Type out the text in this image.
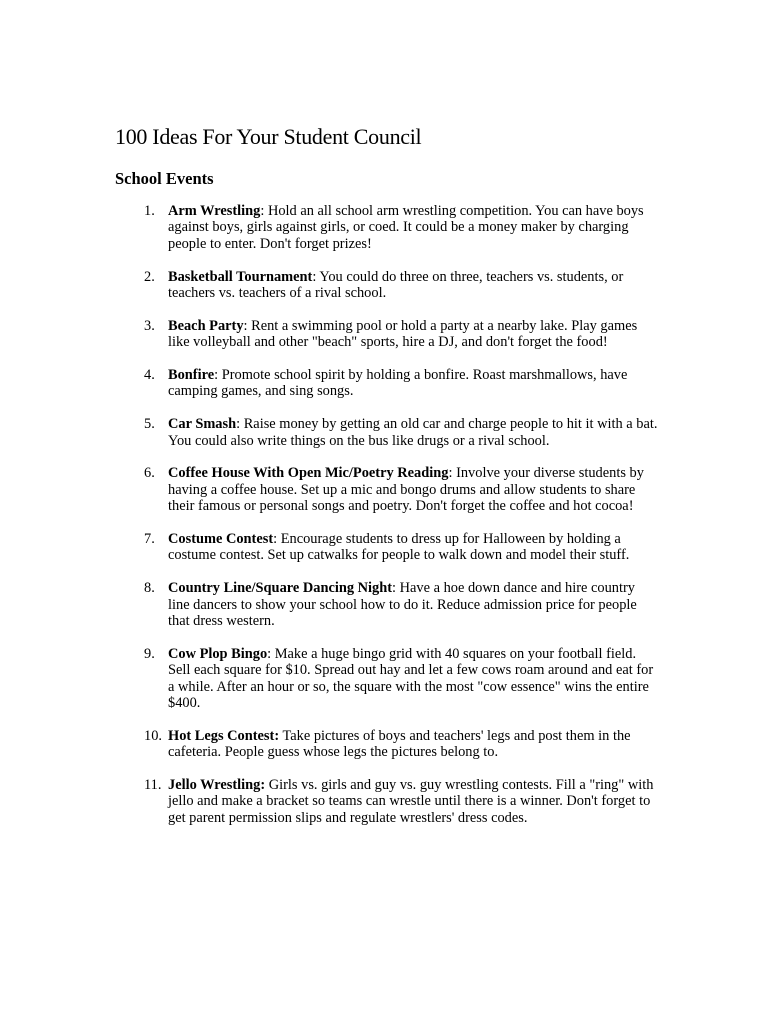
100 Ideas For Your Student Council
School Events
1. Arm Wrestling: Hold an all school arm wrestling competition. You can have boys against boys, girls against girls, or coed. It could be a money maker by charging people to enter. Don't forget prizes!
2. Basketball Tournament: You could do three on three, teachers vs. students, or teachers vs. teachers of a rival school.
3. Beach Party: Rent a swimming pool or hold a party at a nearby lake. Play games like volleyball and other "beach" sports, hire a DJ, and don't forget the food!
4. Bonfire: Promote school spirit by holding a bonfire. Roast marshmallows, have camping games, and sing songs.
5. Car Smash: Raise money by getting an old car and charge people to hit it with a bat. You could also write things on the bus like drugs or a rival school.
6. Coffee House With Open Mic/Poetry Reading: Involve your diverse students by having a coffee house. Set up a mic and bongo drums and allow students to share their famous or personal songs and poetry. Don't forget the coffee and hot cocoa!
7. Costume Contest: Encourage students to dress up for Halloween by holding a costume contest. Set up catwalks for people to walk down and model their stuff.
8. Country Line/Square Dancing Night: Have a hoe down dance and hire country line dancers to show your school how to do it. Reduce admission price for people that dress western.
9. Cow Plop Bingo: Make a huge bingo grid with 40 squares on your football field. Sell each square for $10. Spread out hay and let a few cows roam around and eat for a while. After an hour or so, the square with the most "cow essence" wins the entire $400.
10. Hot Legs Contest: Take pictures of boys and teachers' legs and post them in the cafeteria. People guess whose legs the pictures belong to.
11. Jello Wrestling: Girls vs. girls and guy vs. guy wrestling contests. Fill a "ring" with jello and make a bracket so teams can wrestle until there is a winner. Don't forget to get parent permission slips and regulate wrestlers' dress codes.
